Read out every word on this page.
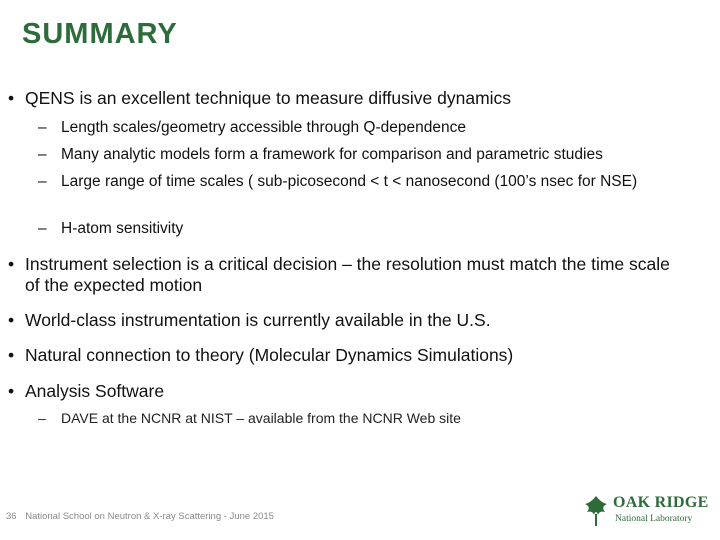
SUMMARY
• QENS is an excellent technique to measure diffusive dynamics
– Length scales/geometry accessible through Q-dependence
– Many analytic models form a framework for comparison and parametric studies
– Large range of time scales ( sub-picosecond < t < nanosecond (100’s nsec for NSE)
– H-atom sensitivity
• Instrument selection is a critical decision – the resolution must match the time scale of the expected motion
• World-class instrumentation is currently available in the U.S.
• Natural connection to theory (Molecular Dynamics Simulations)
• Analysis Software
– DAVE at the NCNR at NIST – available from the NCNR Web site
36 National School on Neutron & X-ray Scattering - June 2015
OAK RIDGE
National Laboratory
